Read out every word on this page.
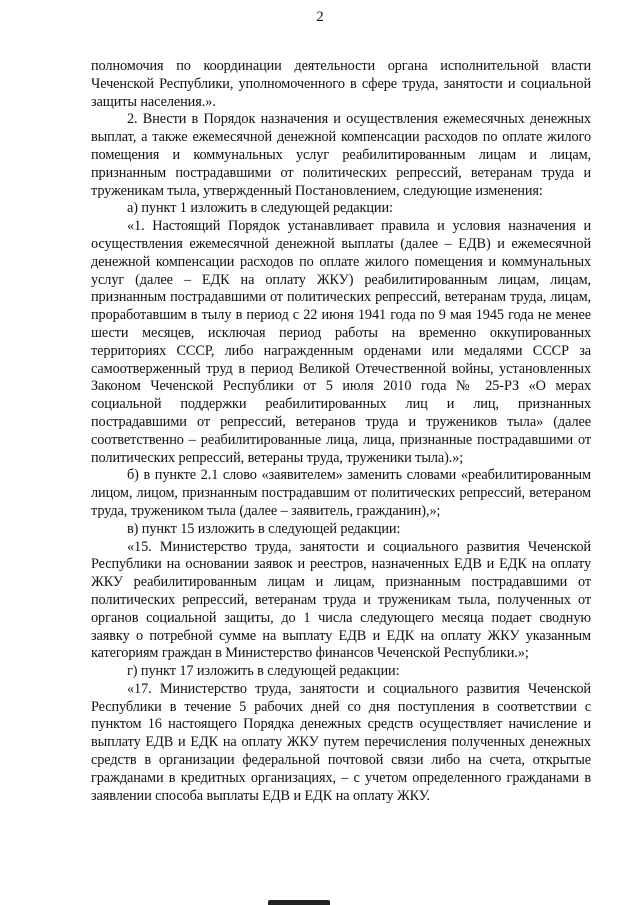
2

полномочия по координации деятельности органа исполнительной власти Чеченской Республики, уполномоченного в сфере труда, занятости и социальной защиты населения.».

2. Внести в Порядок назначения и осуществления ежемесячных денежных выплат, а также ежемесячной денежной компенсации расходов по оплате жилого помещения и коммунальных услуг реабилитированным лицам и лицам, признанным пострадавшими от политических репрессий, ветеранам труда и труженикам тыла, утвержденный Постановлением, следующие изменения:

а) пункт 1 изложить в следующей редакции:

«1. Настоящий Порядок устанавливает правила и условия назначения и осуществления ежемесячной денежной выплаты (далее – ЕДВ) и ежемесячной денежной компенсации расходов по оплате жилого помещения и коммунальных услуг (далее – ЕДК на оплату ЖКУ) реабилитированным лицам, лицам, признанным пострадавшими от политических репрессий, ветеранам труда, лицам, проработавшим в тылу в период с 22 июня 1941 года по 9 мая 1945 года не менее шести месяцев, исключая период работы на временно оккупированных территориях СССР, либо награжденным орденами или медалями СССР за самоотверженный труд в период Великой Отечественной войны, установленных Законом Чеченской Республики от 5 июля 2010 года № 25-РЗ «О мерах социальной поддержки реабилитированных лиц и лиц, признанных пострадавшими от репрессий, ветеранов труда и тружеников тыла» (далее соответственно – реабилитированные лица, лица, признанные пострадавшими от политических репрессий, ветераны труда, труженики тыла).»;

б) в пункте 2.1 слово «заявителем» заменить словами «реабилитированным лицом, лицом, признанным пострадавшим от политических репрессий, ветераном труда, тружеником тыла (далее – заявитель, гражданин),»;

в) пункт 15 изложить в следующей редакции:

«15. Министерство труда, занятости и социального развития Чеченской Республики на основании заявок и реестров, назначенных ЕДВ и ЕДК на оплату ЖКУ реабилитированным лицам и лицам, признанным пострадавшими от политических репрессий, ветеранам труда и труженикам тыла, полученных от органов социальной защиты, до 1 числа следующего месяца подает сводную заявку о потребной сумме на выплату ЕДВ и ЕДК на оплату ЖКУ указанным категориям граждан в Министерство финансов Чеченской Республики.»;

г) пункт 17 изложить в следующей редакции:

«17. Министерство труда, занятости и социального развития Чеченской Республики в течение 5 рабочих дней со дня поступления в соответствии с пунктом 16 настоящего Порядка денежных средств осуществляет начисление и выплату ЕДВ и ЕДК на оплату ЖКУ путем перечисления полученных денежных средств в организации федеральной почтовой связи либо на счета, открытые гражданами в кредитных организациях, – с учетом определенного гражданами в заявлении способа выплаты ЕДВ и ЕДК на оплату ЖКУ.
